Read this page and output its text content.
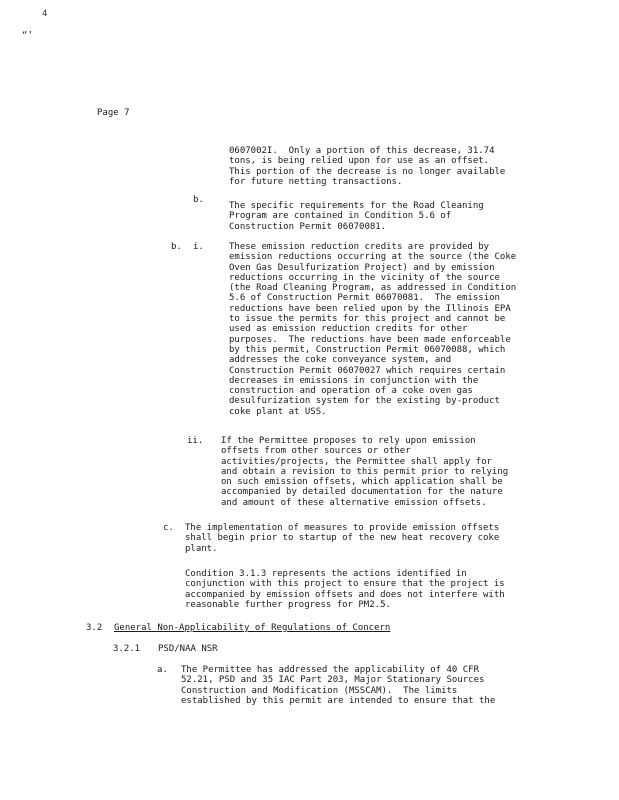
4
“’
Page 7
0607002I.  Only a portion of this decrease, 31.74
tons, is being relied upon for use as an offset.
This portion of the decrease is no longer available
for future netting transactions.
b.
The specific requirements for the Road Cleaning
Program are contained in Condition 5.6 of
Construction Permit 06070081.
b. i.	These emission reduction credits are provided by
emission reductions occurring at the source (the Coke
Oven Gas Desulfurization Project) and by emission
reductions occurring in the vicinity of the source
(the Road Cleaning Program, as addressed in Condition
5.6 of Construction Permit 06070081.  The emission
reductions have been relied upon by the Illinois EPA
to issue the permits for this project and cannot be
used as emission reduction credits for other
purposes.  The reductions have been made enforceable
by this permit, Construction Permit 06070088, which
addresses the coke conveyance system, and
Construction Permit 06070027 which requires certain
decreases in emissions in conjunction with the
construction and operation of a coke oven gas
desulfurization system for the existing by-product
coke plant at USS.
ii. If the Permittee proposes to rely upon emission
offsets from other sources or other
activities/projects, the Permittee shall apply for
and obtain a revision to this permit prior to relying
on such emission offsets, which application shall be
accompanied by detailed documentation for the nature
and amount of these alternative emission offsets.
c. The implementation of measures to provide emission offsets
shall begin prior to startup of the new heat recovery coke
plant.
Condition 3.1.3 represents the actions identified in
conjunction with this project to ensure that the project is
accompanied by emission offsets and does not interfere with
reasonable further progress for PM2.5.
3.2 General Non-Applicability of Regulations of Concern
3.2.1 PSD/NAA NSR
a. The Permittee has addressed the applicability of 40 CFR
52.21, PSD and 35 IAC Part 203, Major Stationary Sources
Construction and Modification (MSSCAM).  The limits
established by this permit are intended to ensure that the
